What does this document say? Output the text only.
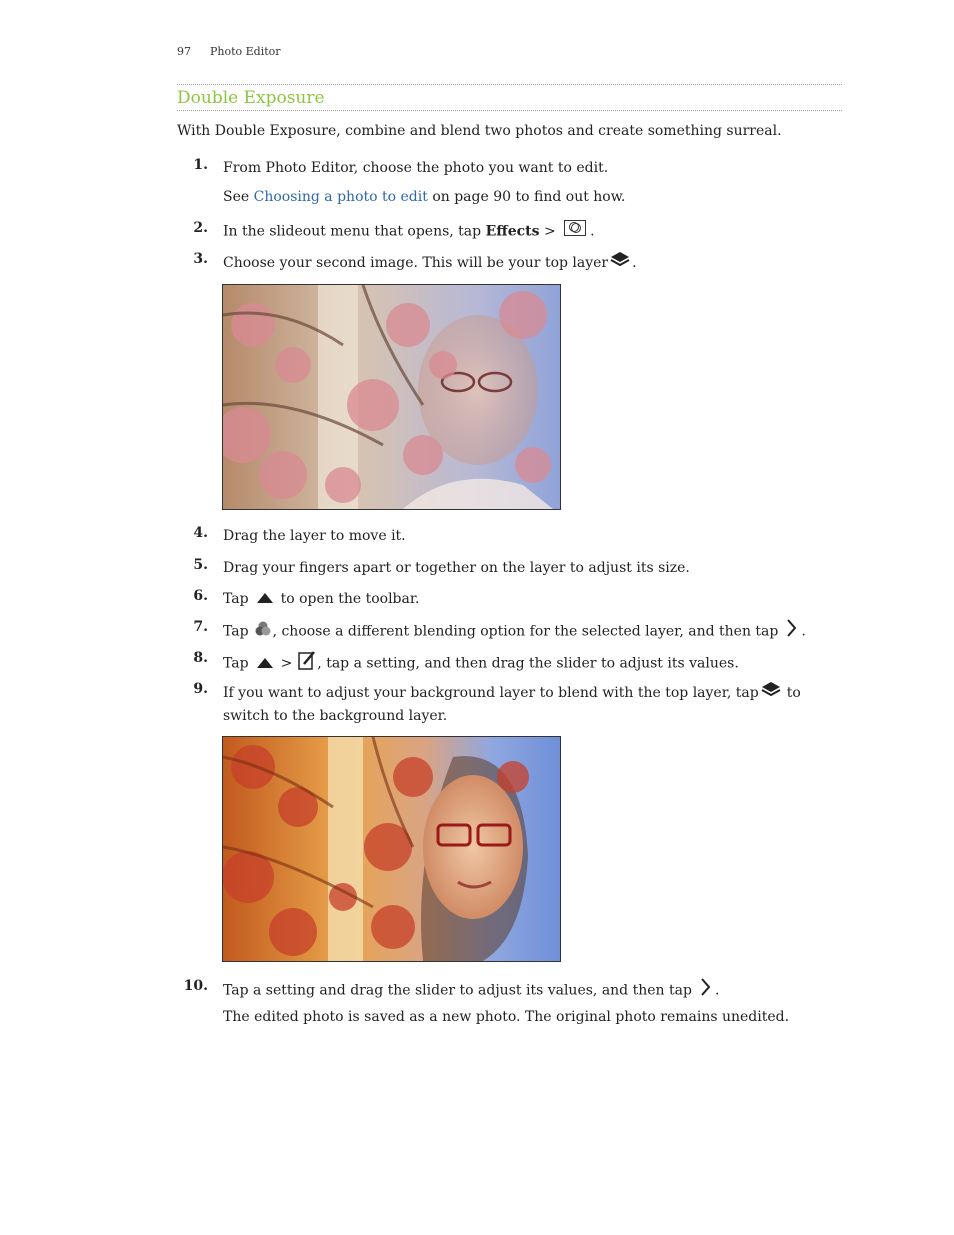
97 Photo Editor
Double Exposure
With Double Exposure, combine and blend two photos and create something surreal.
1. From Photo Editor, choose the photo you want to edit.
See Choosing a photo to edit on page 90 to find out how.
2. In the slideout menu that opens, tap Effects > .
3. Choose your second image. This will be your top layer .
4. Drag the layer to move it.
5. Drag your fingers apart or together on the layer to adjust its size.
6. Tap to open the toolbar.
7. Tap , choose a different blending option for the selected layer, and then tap .
8. Tap > , tap a setting, and then drag the slider to adjust its values.
9. If you want to adjust your background layer to blend with the top layer, tap to switch to the background layer.
10. Tap a setting and drag the slider to adjust its values, and then tap .
The edited photo is saved as a new photo. The original photo remains unedited.
